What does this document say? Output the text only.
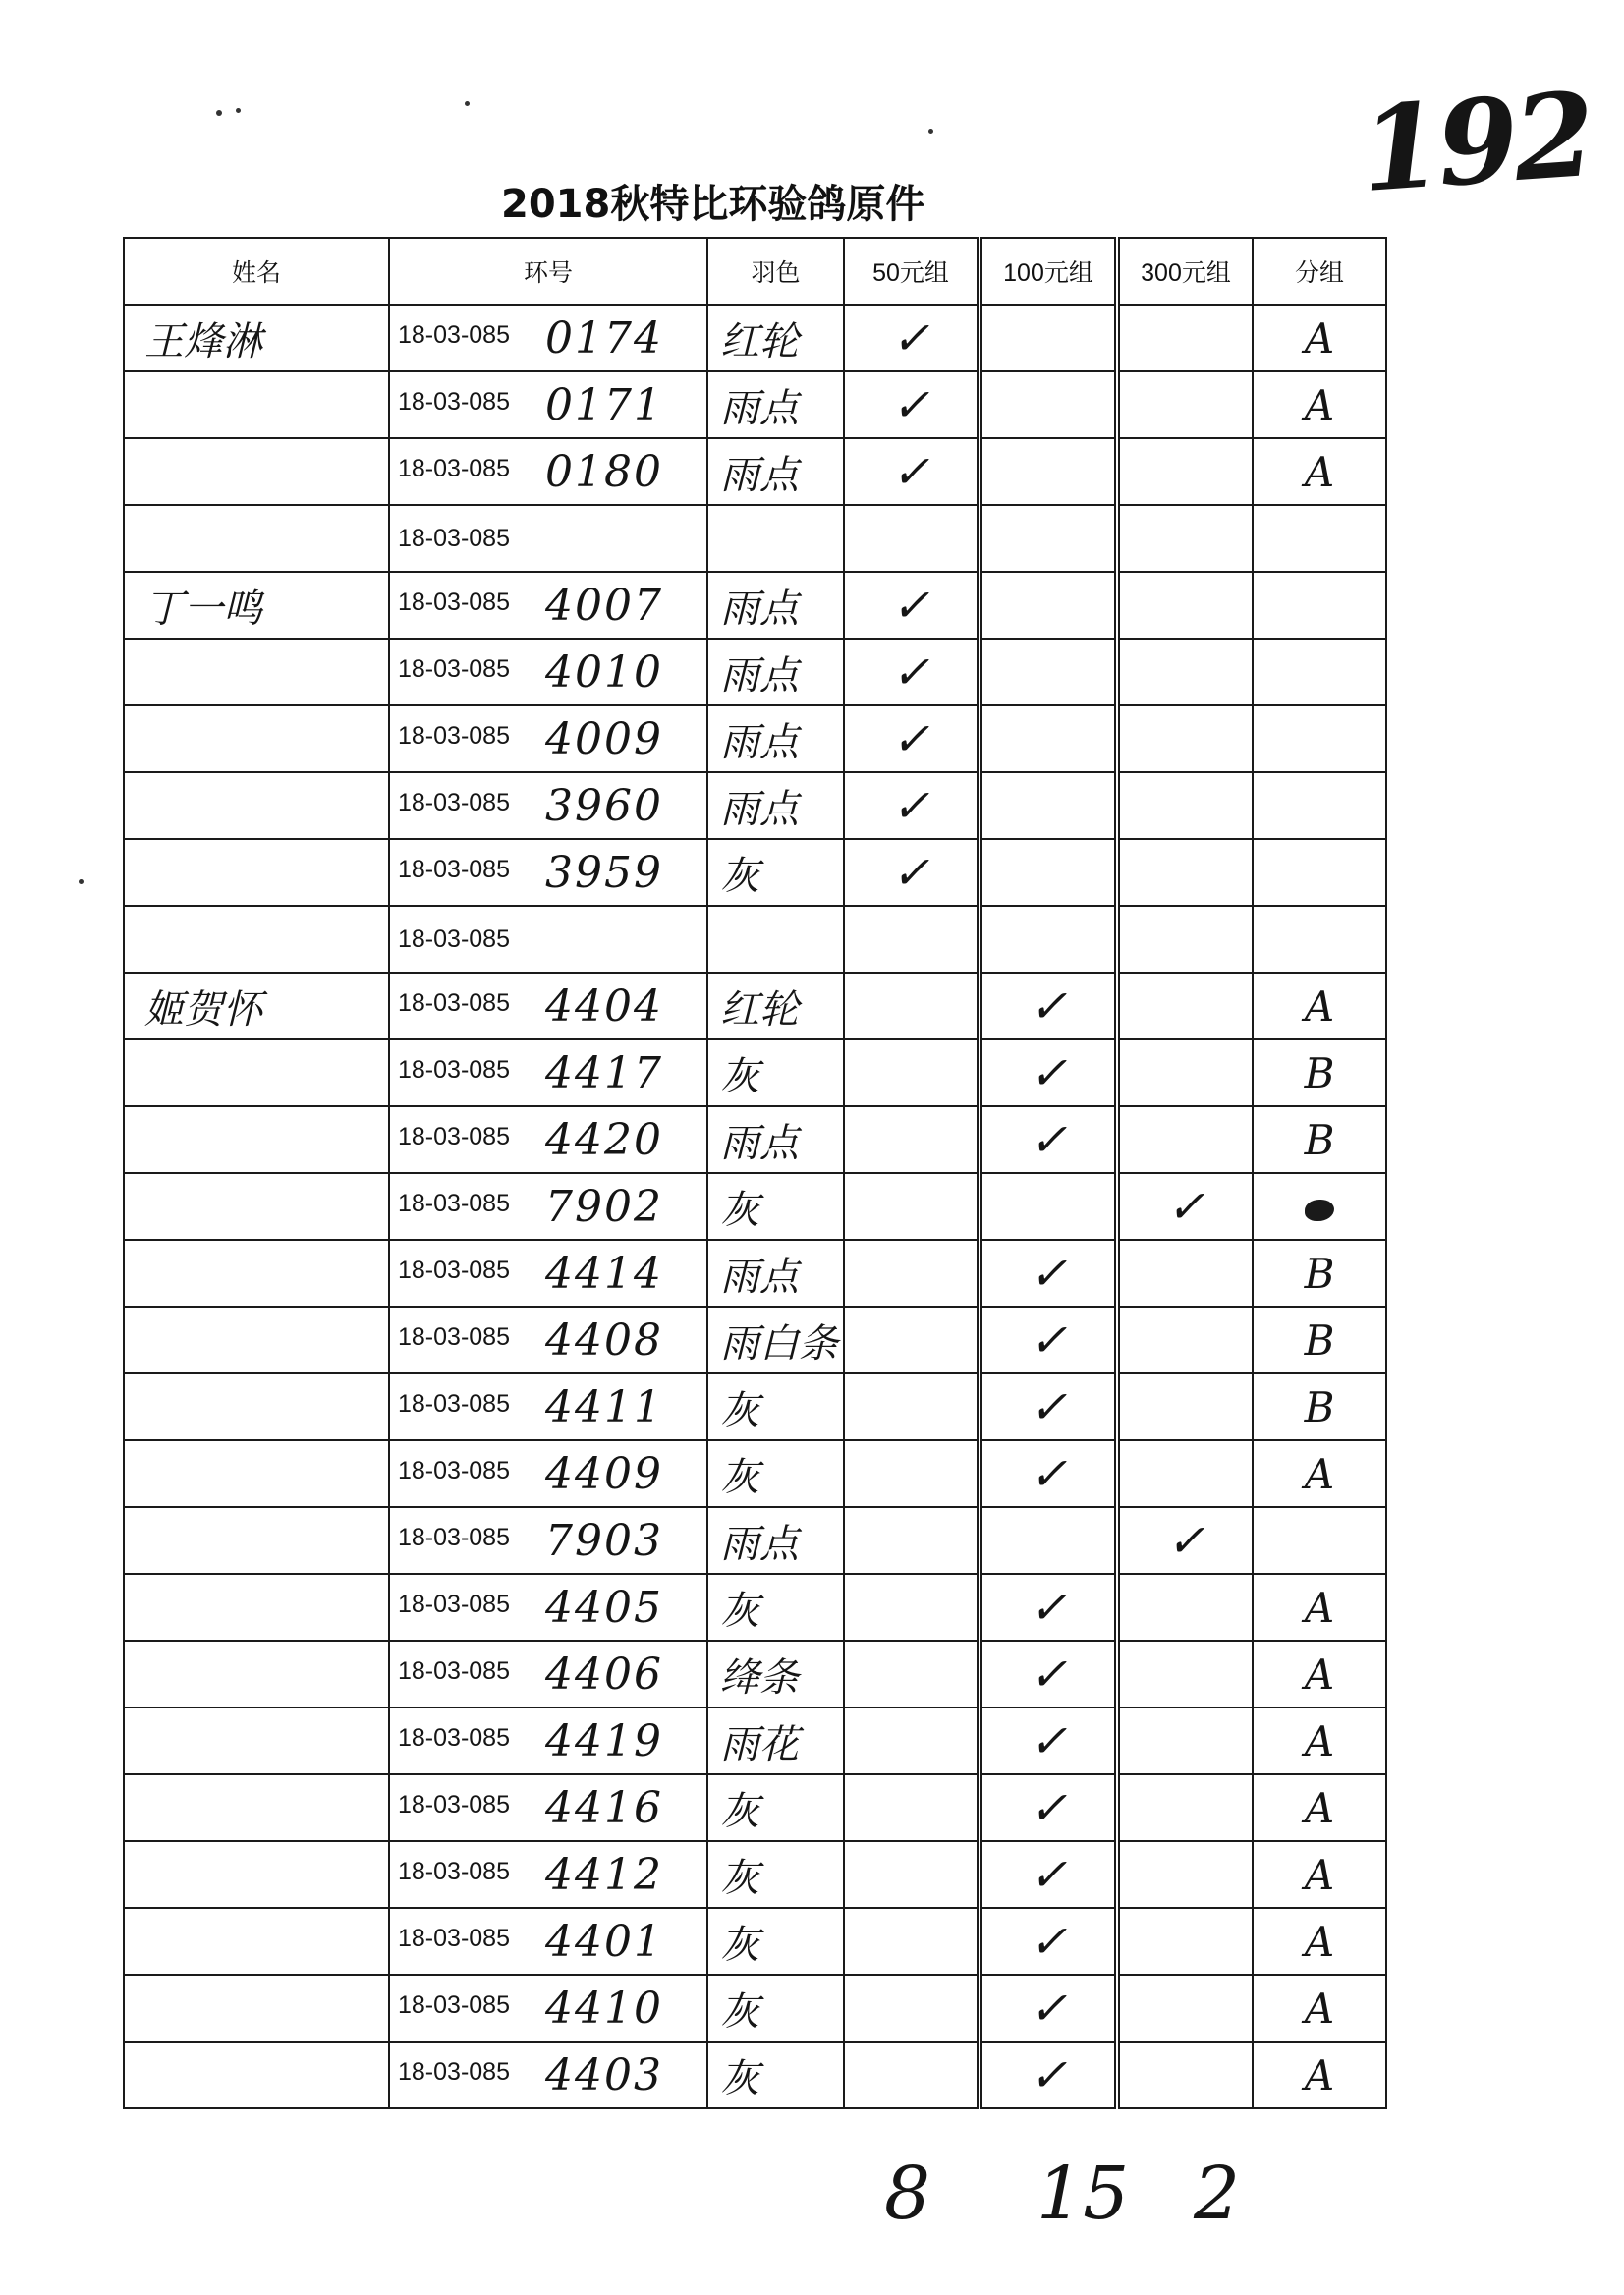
192
2018秋特比环验鸽原件
姓名	环号	羽色	50元组	100元组	300元组	分组
王烽淋	18-03-085 0174	红轮	✓			A
	18-03-085 0171	雨点	✓			A
	18-03-085 0180	雨点	✓			A
	18-03-085					
丁一鸣	18-03-085 4007	雨点	✓			
	18-03-085 4010	雨点	✓			
	18-03-085 4009	雨点	✓			
	18-03-085 3960	雨点	✓			
	18-03-085 3959	灰	✓			
	18-03-085					
姬贺怀	18-03-085 4404	红轮		✓		A
	18-03-085 4417	灰		✓		B
	18-03-085 4420	雨点		✓		B
	18-03-085 7902	灰			✓	
	18-03-085 4414	雨点		✓		B
	18-03-085 4408	雨白条		✓		B
	18-03-085 4411	灰		✓		B
	18-03-085 4409	灰		✓		A
	18-03-085 7903	雨点			✓	
	18-03-085 4405	灰		✓		A
	18-03-085 4406	绛条		✓		A
	18-03-085 4419	雨花		✓		A
	18-03-085 4416	灰		✓		A
	18-03-085 4412	灰		✓		A
	18-03-085 4401	灰		✓		A
	18-03-085 4410	灰		✓		A
	18-03-085 4403	灰		✓		A
8 15 2
